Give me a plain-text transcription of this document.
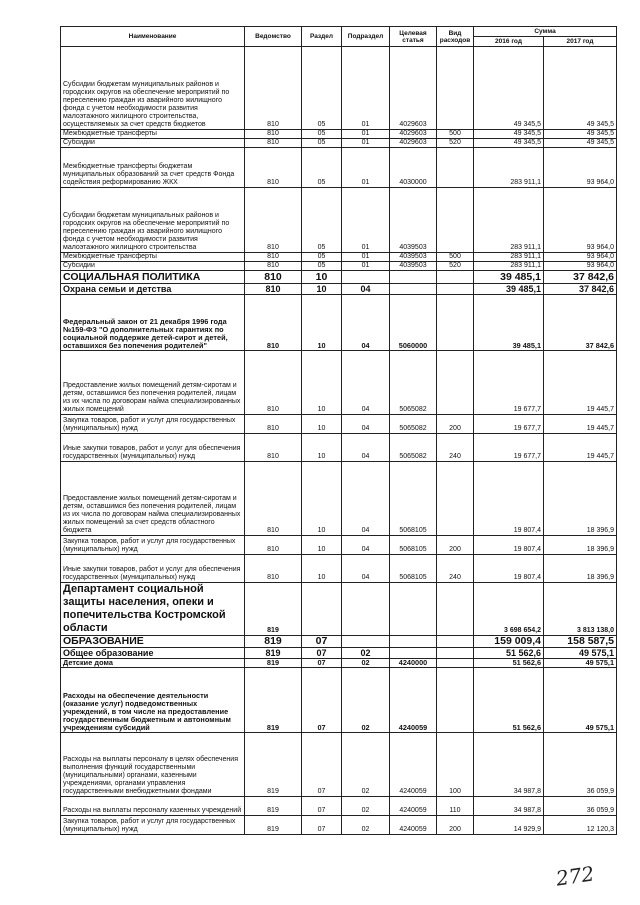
Наименование	Ведомство	Раздел	Подраздел	Целевая статья	Вид расходов	Сумма	
						2016 год	2017 год
Субсидии бюджетам муниципальных районов и городских округов на обеспечение мероприятий по переселению граждан из аварийного жилищного фонда с учетом необходимости развития малоэтажного жилищного строительства, осуществляемых за счет средств бюджетов	810	05	01	4029603		49 345,5	49 345,5
Межбюджетные трансферты	810	05	01	4029603	500	49 345,5	49 345,5
Субсидии	810	05	01	4029603	520	49 345,5	49 345,5
Межбюджетные трансферты бюджетам муниципальных образований за счет средств Фонда содействия реформированию ЖКХ	810	05	01	4030000		283 911,1	93 964,0
Субсидии бюджетам муниципальных районов и городских округов на обеспечение мероприятий по переселению граждан из аварийного жилищного фонда с учетом необходимости развития малоэтажного жилищного строительства	810	05	01	4039503		283 911,1	93 964,0
Межбюджетные трансферты	810	05	01	4039503	500	283 911,1	93 964,0
Субсидии	810	05	01	4039503	520	283 911,1	93 964,0
СОЦИАЛЬНАЯ ПОЛИТИКА	810	10				39 485,1	37 842,6
Охрана семьи и детства	810	10	04			39 485,1	37 842,6
Федеральный закон от 21 декабря 1996 года №159-ФЗ "О дополнительных гарантиях по социальной поддержке детей-сирот и детей, оставшихся без попечения родителей"	810	10	04	5060000		39 485,1	37 842,6
Предоставление жилых помещений детям-сиротам и детям, оставшимся без попечения родителей, лицам из их числа по договорам найма специализированных жилых помещений	810	10	04	5065082		19 677,7	19 445,7
Закупка товаров, работ и услуг для государственных (муниципальных) нужд	810	10	04	5065082	200	19 677,7	19 445,7
Иные закупки товаров, работ и услуг для обеспечения государственных (муниципальных) нужд	810	10	04	5065082	240	19 677,7	19 445,7
Предоставление жилых помещений детям-сиротам и детям, оставшимся без попечения родителей, лицам из их числа по договорам найма специализированных жилых помещений за счет средств областного бюджета	810	10	04	5068105		19 807,4	18 396,9
Закупка товаров, работ и услуг для государственных (муниципальных) нужд	810	10	04	5068105	200	19 807,4	18 396,9
Иные закупки товаров, работ и услуг для обеспечения государственных (муниципальных) нужд	810	10	04	5068105	240	19 807,4	18 396,9
Департамент социальной защиты населения, опеки и попечительства Костромской области	819					3 698 654,2	3 813 138,0
ОБРАЗОВАНИЕ	819	07				159 009,4	158 587,5
Общее образование	819	07	02			51 562,6	49 575,1
Детские дома	819	07	02	4240000		51 562,6	49 575,1
Расходы на обеспечение деятельности (оказание услуг) подведомственных учреждений, в том числе на предоставление государственным бюджетным и автономным учреждениям субсидий	819	07	02	4240059		51 562,6	49 575,1
Расходы на выплаты персоналу в целях обеспечения выполнения функций государственными (муниципальными) органами, казенными учреждениями, органами управления государственными внебюджетными фондами	819	07	02	4240059	100	34 987,8	36 059,9
Расходы на выплаты персоналу казенных учреждений	819	07	02	4240059	110	34 987,8	36 059,9
Закупка товаров, работ и услуг для государственных (муниципальных) нужд	819	07	02	4240059	200	14 929,9	12 120,3
272
